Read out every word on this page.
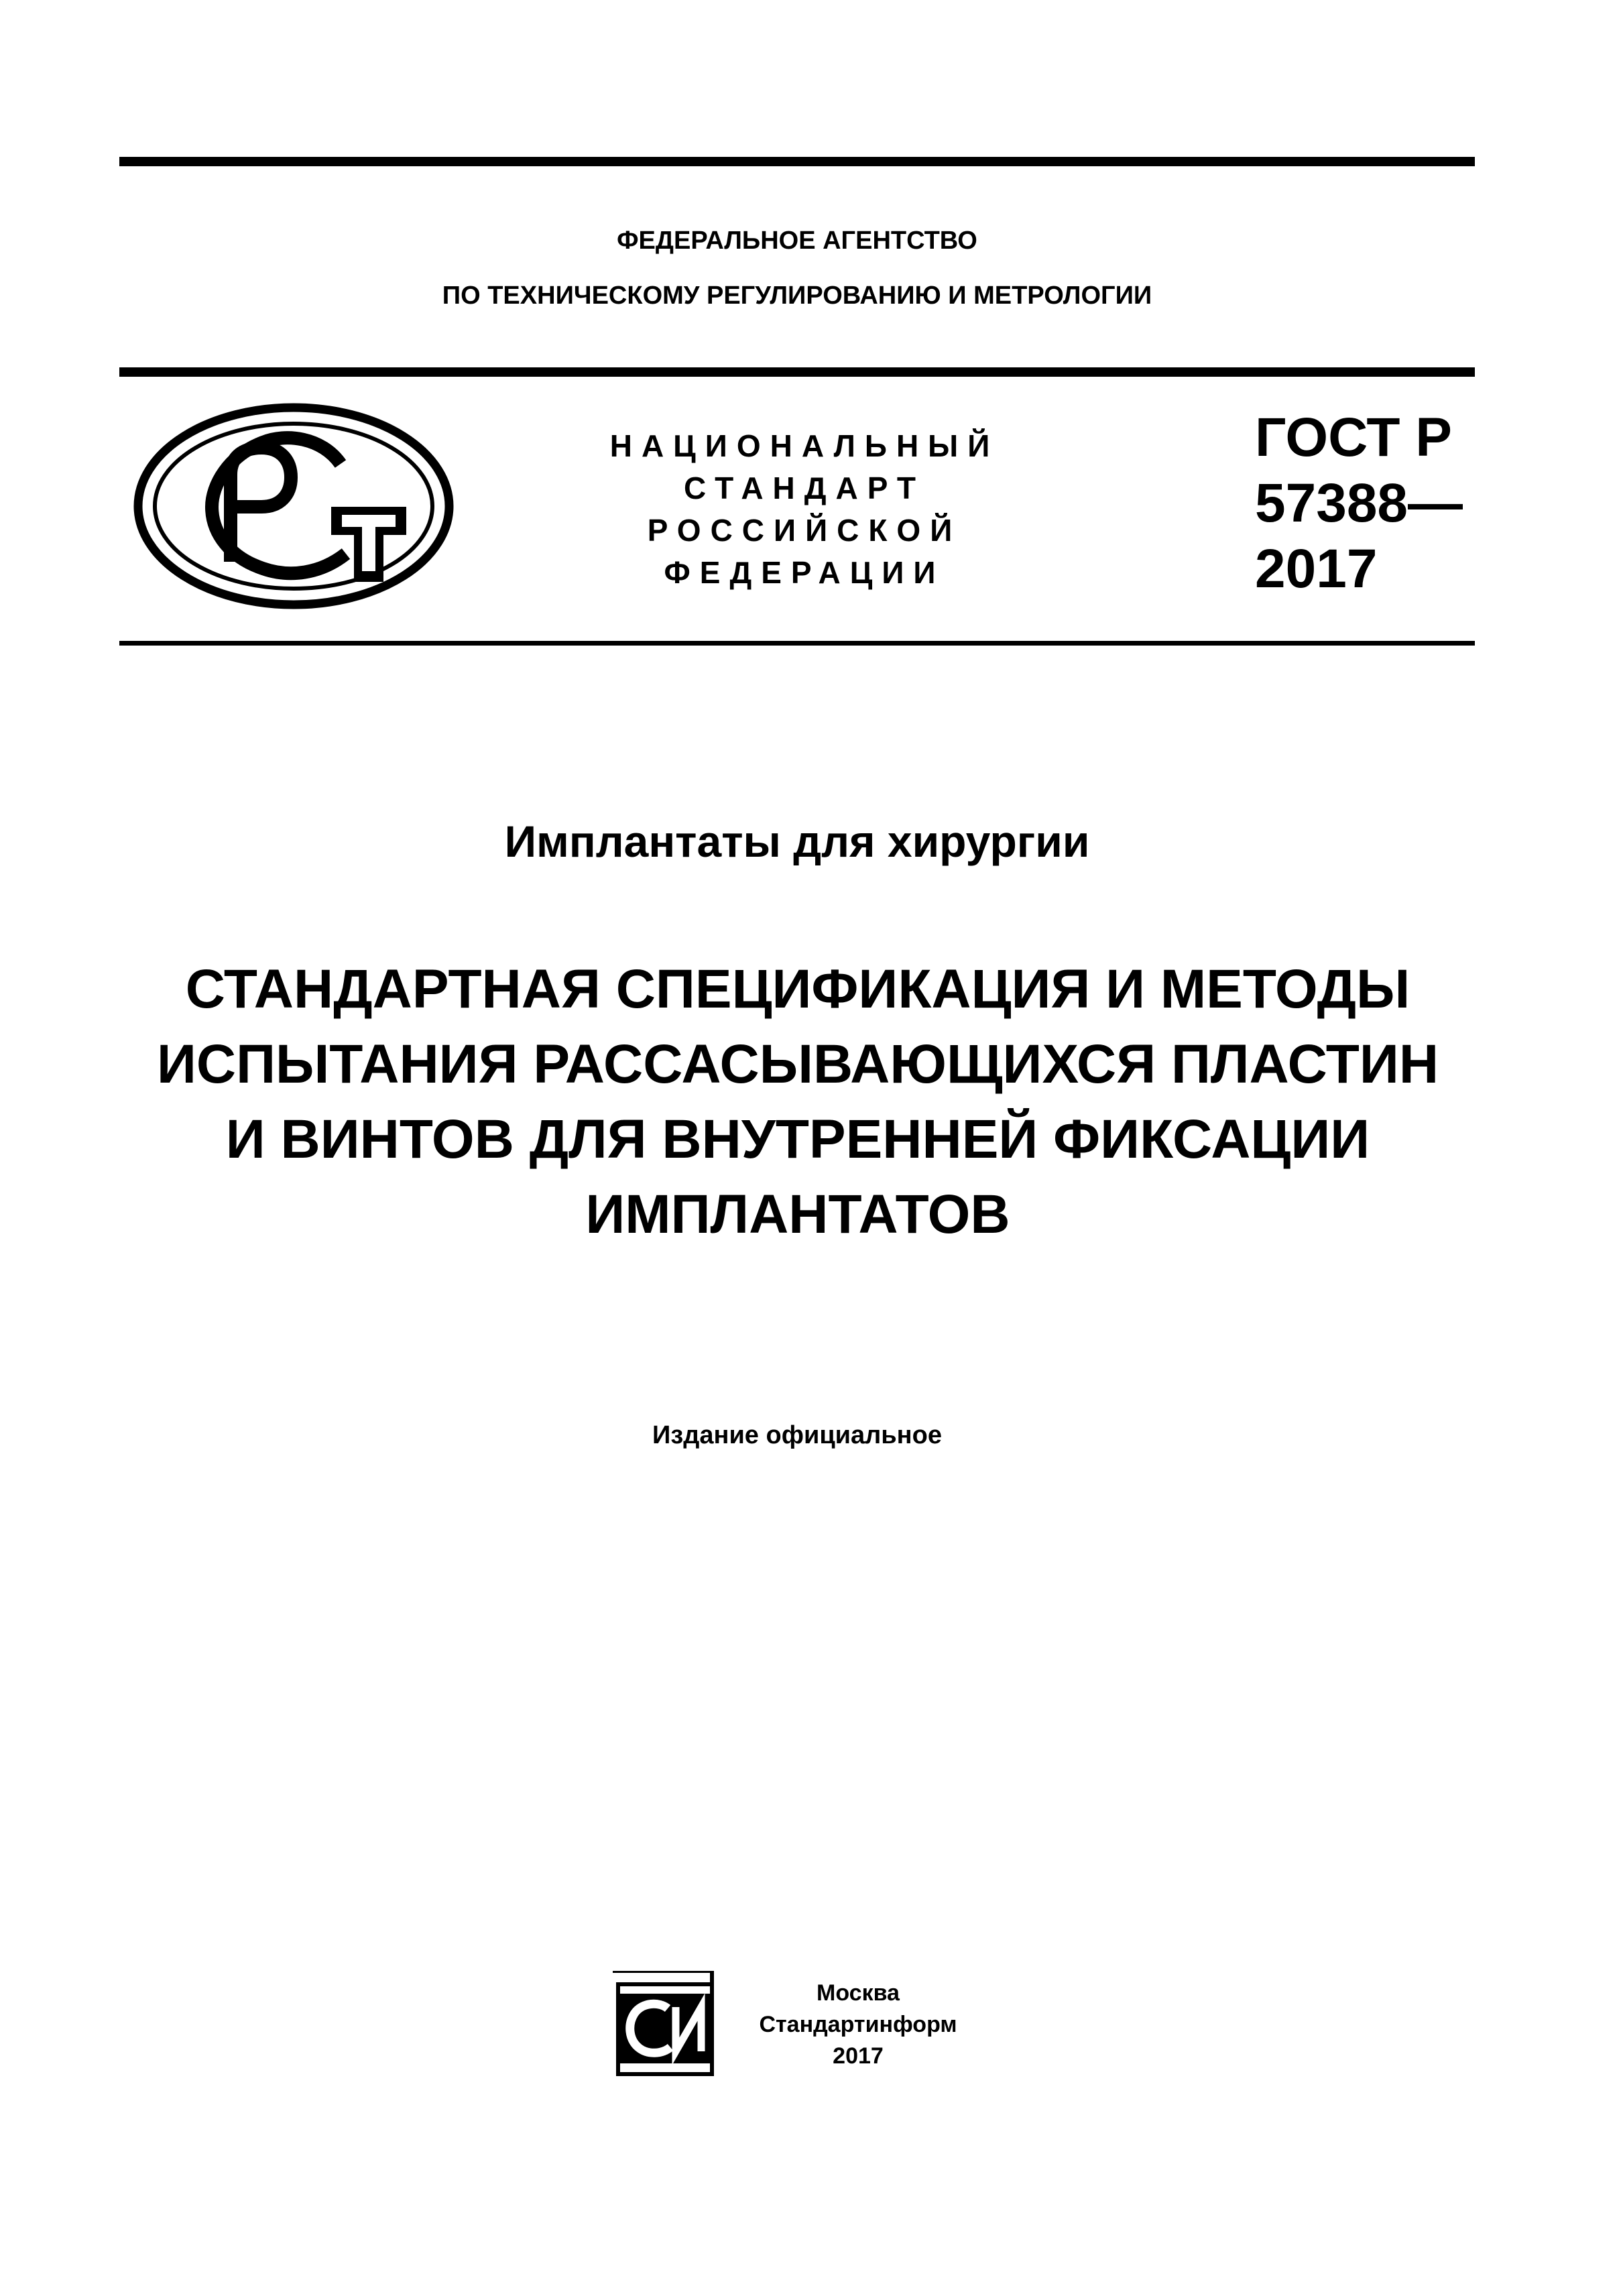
ФЕДЕРАЛЬНОЕ АГЕНТСТВО
ПО ТЕХНИЧЕСКОМУ РЕГУЛИРОВАНИЮ И МЕТРОЛОГИИ
НАЦИОНАЛЬНЫЙ
СТАНДАРТ
РОССИЙСКОЙ
ФЕДЕРАЦИИ
ГОСТ Р
57388—
2017
Имплантаты для хирургии
СТАНДАРТНАЯ СПЕЦИФИКАЦИЯ И МЕТОДЫ
ИСПЫТАНИЯ РАССАСЫВАЮЩИХСЯ ПЛАСТИН
И ВИНТОВ ДЛЯ ВНУТРЕННЕЙ ФИКСАЦИИ
ИМПЛАНТАТОВ
Издание официальное
Москва
Стандартинформ
2017
